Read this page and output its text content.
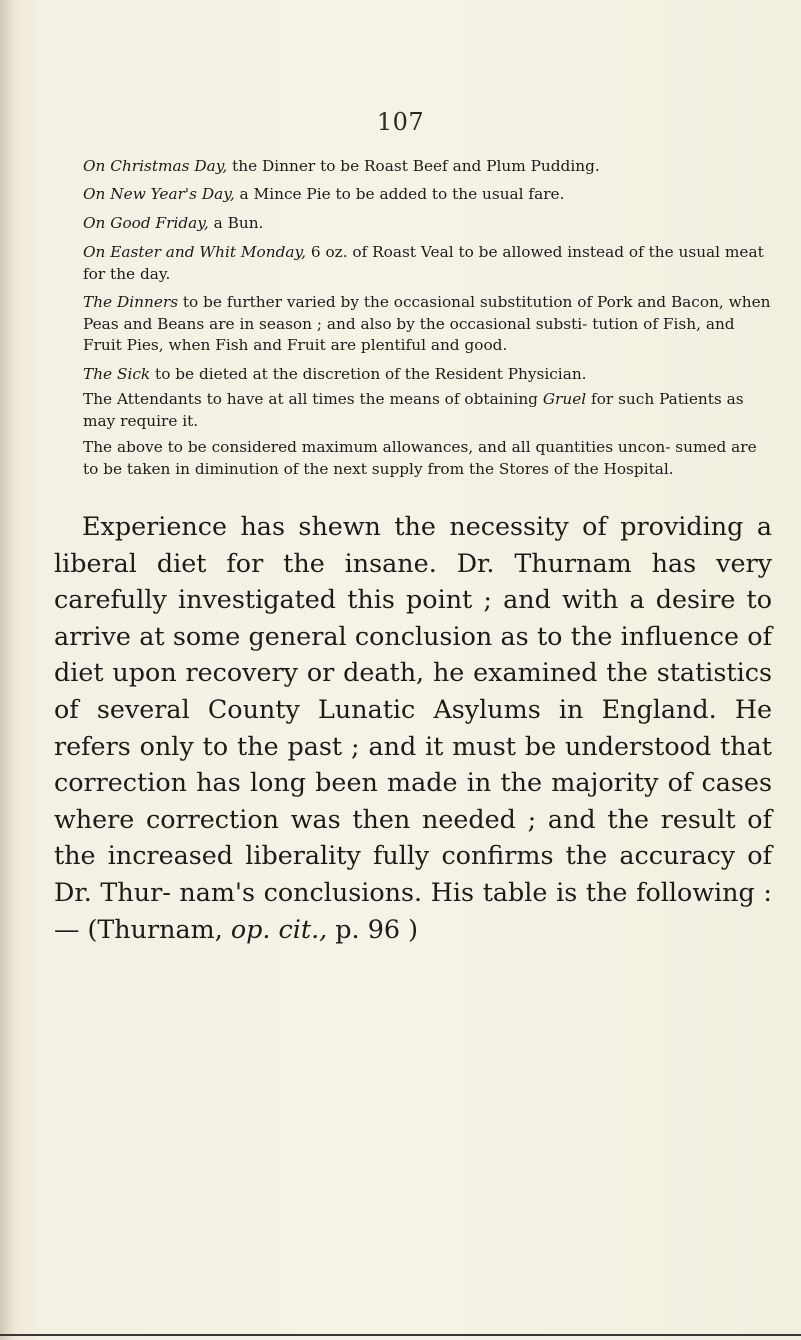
107

On Christmas Day, the Dinner to be Roast Beef and Plum Pudding.

On New Year's Day, a Mince Pie to be added to the usual fare.

On Good Friday, a Bun.

On Easter and Whit Monday, 6 oz. of Roast Veal to be allowed instead of the usual meat for the day.

The Dinners to be further varied by the occasional substitution of Pork and Bacon, when Peas and Beans are in season ; and also by the occasional substi- tution of Fish, and Fruit Pies, when Fish and Fruit are plentiful and good.

The Sick to be dieted at the discretion of the Resident Physician.

The Attendants to have at all times the means of obtaining Gruel for such Patients as may require it.

The above to be considered maximum allowances, and all quantities uncon- sumed are to be taken in diminution of the next supply from the Stores of the Hospital.

Experience has shewn the necessity of providing a liberal diet for the insane. Dr. Thurnam has very carefully investigated this point ; and with a desire to arrive at some general conclusion as to the influence of diet upon recovery or death, he examined the statistics of several County Lunatic Asylums in England. He refers only to the past ; and it must be understood that correction has long been made in the majority of cases where correction was then needed ; and the result of the increased liberality fully confirms the accuracy of Dr. Thur- nam's conclusions. His table is the following :— (Thurnam, op. cit., p. 96 )
